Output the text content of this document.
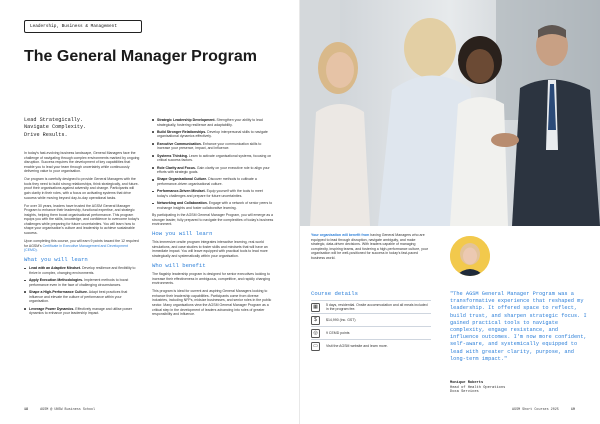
Leadership, Business & Management
The General Manager Program
Lead Strategically.
Navigate Complexity.
Drive Results.

In today's fast-evolving business landscape, General Managers face the challenge of navigating through complex environments marked by ongoing disruption. Success requires the development of key capabilities that enable you to lead your team through uncertainty while continuously delivering value to your organisation.

Our program is carefully designed to provide General Managers with the tools they need to build strong relationships, think strategically, and future-proof their organisations against adversity and change. Participants will gain clarity in their roles, with a focus on activating systems that drive success while moving beyond day-to-day operational tasks.

For over 30 years, leaders have trusted the AGSM General Manager Program to enhance their leadership, functional expertise, and strategic insights, helping them boost organisational performance. This program equips you with the skills, knowledge, and confidence to overcome today's challenges while preparing for future uncertainties. You will learn how to shape your organisation's culture and leadership to achieve sustainable success.

Upon completing this course, you will earn 9 points toward the 12 required for AGSM's Certificate in Executive Management and Development (CEMD).

What you will learn
Lead with an Adaptive Mindset. Develop resilience and flexibility to thrive in complex, changing environments.
Apply Execution Methodologies. Implement methods to boost performance even in the face of challenging circumstances.
Shape a High-Performance Culture. Adapt best practices that influence and elevate the culture of performance within your organisation.
Leverage Power Dynamics. Effectively manage and utilise power dynamics to enhance your leadership impact.
Strategic Leadership Development. Strengthen your ability to lead strategically, fostering resilience and adaptability.
Build Stronger Relationships. Develop interpersonal skills to navigate organisational dynamics effectively.
Executive Communication. Enhance your communication skills to increase your presence, impact, and influence.
Systems Thinking. Learn to activate organisational systems, focusing on critical success factors.
Role Clarity and Focus. Gain clarity on your executive role to align your efforts with strategic goals.
Shape Organisational Culture. Discover methods to cultivate a performance-driven organisational culture.
Performance-Driven Mindset. Equip yourself with the tools to meet today's challenges and prepare for future uncertainties.
Networking and Collaboration. Engage with a network of senior peers to exchange insights and foster collaborative learning.

By participating in the AGSM General Manager Program, you will emerge as a stronger leader, fully prepared to navigate the complexities of today's business environment.

How you will learn

This immersive onsite program integrates interactive learning, real-world simulations, and case studies to foster skills and mindsets that will have an immediate impact. You will leave equipped with practical tools to lead more strategically and systematically within your organisation.

Who will benefit

The flagship leadership program is designed for senior executives looking to increase their effectiveness in ambiguous, competitive, and rapidly changing environments.

This program is ideal for current and aspiring General Managers looking to enhance their leadership capabilities. Participants come from diverse industries, including NFPs, midsize businesses, and senior roles in the public sector. Many organisations view the AGSM General Manager Program as a critical step in the development of leaders advancing into roles of greater responsibility and influence.

18	AGSM @ UNSW Business School
Your organisation will benefit from having General Managers who are equipped to lead through disruption, navigate ambiguity, and make strategic, data-driven decisions. With leaders capable of managing complexity, inspiring teams, and fostering a high-performance culture, your organisation will be well-positioned for success in today's fast-paced business world.
Course details
▦	5 days, residential. Onsite accommodation and all meals included in the program fee.
$	$14,990 (inc. GST)
◎	9 CEMD points
▭	Visit the AGSM website and learn more.
"The AGSM General Manager Program was a transformative experience that reshaped my leadership. It offered space to reflect, build trust, and sharpen strategic focus. I gained practical tools to navigate complexity, engage resistance, and influence outcomes. I'm now more confident, self-aware, and systemically equipped to lead with greater clarity, purpose, and long-term impact."
Monique Roberts
Head of Health Operations
Doxa Services
AGSM Short Courses 2025	19
